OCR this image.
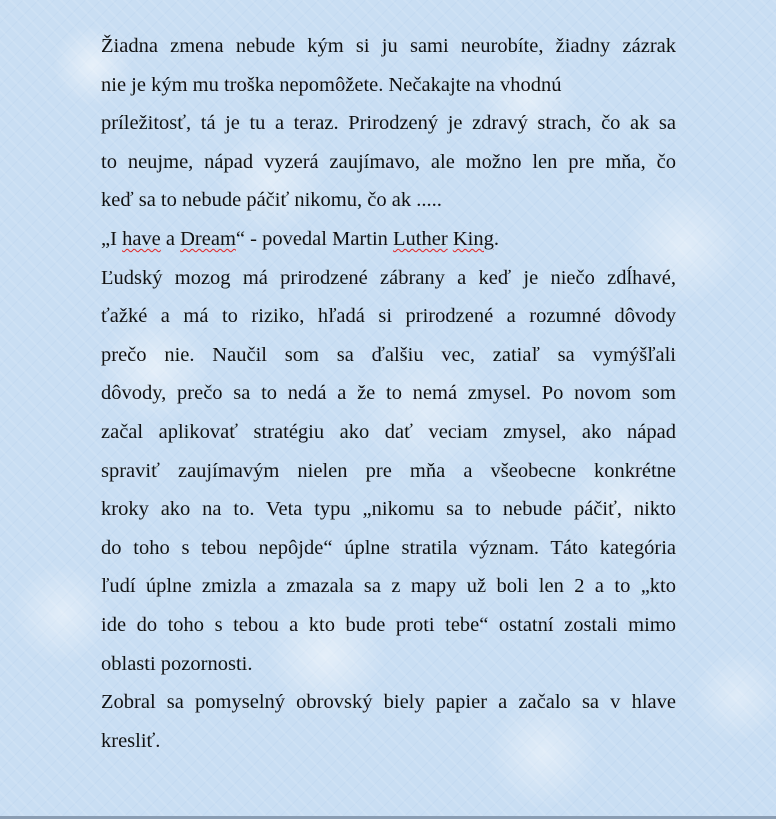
Žiadna zmena nebude kým si ju sami neurobíte, žiadny zázrak
nie je kým mu troška nepomôžete. Nečakajte na vhodnú
príležitosť, tá je tu a teraz. Prirodzený je zdravý strach, čo ak sa
to neujme, nápad vyzerá zaujímavo, ale možno len pre mňa, čo
keď sa to nebude páčiť nikomu, čo ak .....
„I have a Dream“ - povedal Martin Luther King.
Ľudský mozog má prirodzené zábrany a keď je niečo zdĺhavé,
ťažké a má to riziko, hľadá si prirodzené a rozumné dôvody
prečo nie. Naučil som sa ďalšiu vec, zatiaľ sa vymýšľali
dôvody, prečo sa to nedá a že to nemá zmysel. Po novom som
začal aplikovať stratégiu ako dať veciam zmysel, ako nápad
spraviť zaujímavým nielen pre mňa a všeobecne konkrétne
kroky ako na to. Veta typu „nikomu sa to nebude páčiť, nikto
do toho s tebou nepôjde“ úplne stratila význam. Táto kategória
ľudí úplne zmizla a zmazala sa z mapy už boli len 2 a to „kto
ide do toho s tebou a kto bude proti tebe“ ostatní zostali mimo
oblasti pozornosti.
Zobral sa pomyselný obrovský biely papier a začalo sa v hlave
kresliť.
